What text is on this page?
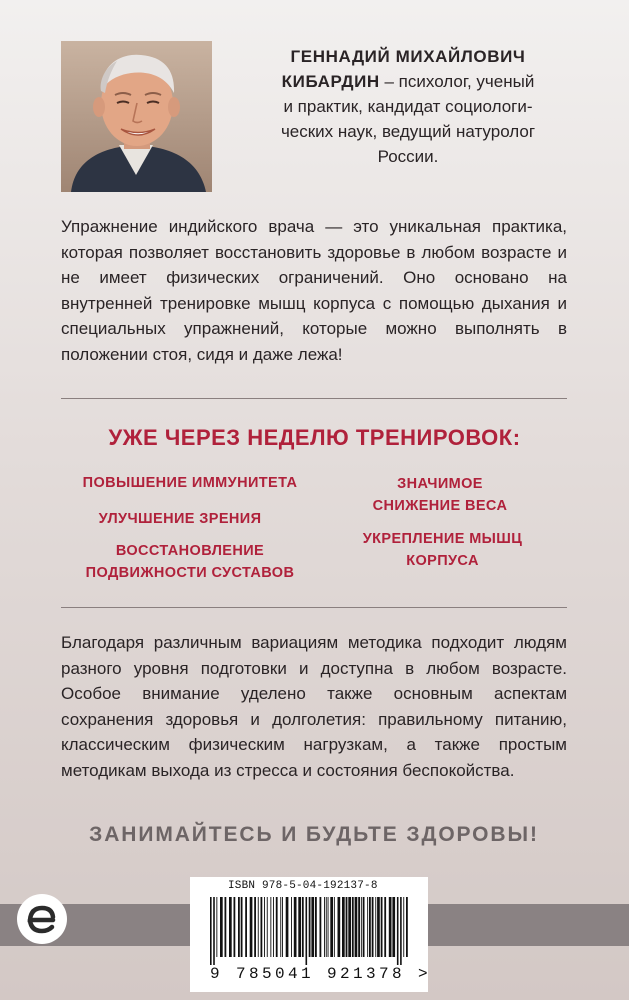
ГЕННАДИЙ МИХАЙЛОВИЧ
КИБАРДИН – психолог, ученый
и практик, кандидат социологи-
ческих наук, ведущий натуролог
России.
Упражнение индийского врача — это уникальная практика, которая позволяет восстановить здоровье в любом возрасте и не имеет физических ограничений. Оно основано на внутренней тренировке мышц корпуса с помощью дыхания и специальных упражнений, которые можно выполнять в положении стоя, сидя и даже лежа!
УЖЕ ЧЕРЕЗ НЕДЕЛЮ ТРЕНИРОВОК:
ПОВЫШЕНИЕ ИММУНИТЕТА
УЛУЧШЕНИЕ ЗРЕНИЯ
ВОССТАНОВЛЕНИЕ
ПОДВИЖНОСТИ СУСТАВОВ
ЗНАЧИМОЕ
СНИЖЕНИЕ ВЕСА
УКРЕПЛЕНИЕ МЫШЦ
КОРПУСА
Благодаря различным вариациям методика подходит людям разного уровня подготовки и доступна в любом возрасте. Особое внимание уделено также основным аспектам сохранения здоровья и долголетия: правильному питанию, классическим физическим нагрузкам, а также простым методикам выхода из стресса и состояния беспокойства.
ЗАНИМАЙТЕСЬ И БУДЬТЕ ЗДОРОВЫ!
ISBN 978-5-04-192137-8
9 785041 921378 >
